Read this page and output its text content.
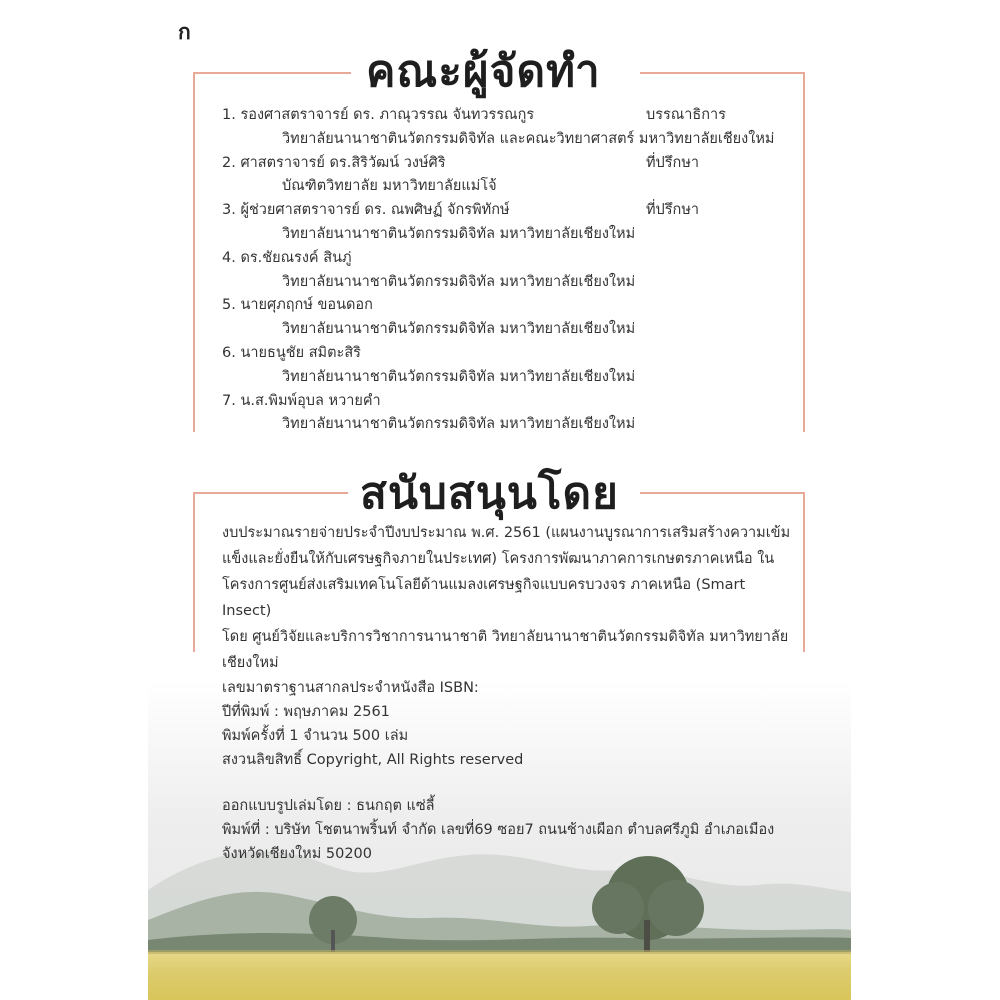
ก
คณะผู้จัดทำ
1. รองศาสตราจารย์ ดร. ภาณุวรรณ จันทวรรณกูร	บรรณาธิการ
วิทยาลัยนานาชาตินวัตกรรมดิจิทัล และคณะวิทยาศาสตร์ มหาวิทยาลัยเชียงใหม่
2. ศาสตราจารย์ ดร.สิริวัฒน์ วงษ์ศิริ	ที่ปรึกษา
บัณฑิตวิทยาลัย มหาวิทยาลัยแม่โจ้
3. ผู้ช่วยศาสตราจารย์ ดร. ณพศิษฏ์ จักรพิทักษ์	ที่ปรึกษา
วิทยาลัยนานาชาตินวัตกรรมดิจิทัล มหาวิทยาลัยเชียงใหม่
4. ดร.ชัยณรงค์ สินภู่
วิทยาลัยนานาชาตินวัตกรรมดิจิทัล มหาวิทยาลัยเชียงใหม่
5. นายศุภฤกษ์ ขอนดอก
วิทยาลัยนานาชาตินวัตกรรมดิจิทัล มหาวิทยาลัยเชียงใหม่
6. นายธนูชัย สมิตะสิริ
วิทยาลัยนานาชาตินวัตกรรมดิจิทัล มหาวิทยาลัยเชียงใหม่
7. น.ส.พิมพ์อุบล หวายคำ
วิทยาลัยนานาชาตินวัตกรรมดิจิทัล มหาวิทยาลัยเชียงใหม่
สนับสนุนโดย

งบประมาณรายจ่ายประจำปีงบประมาณ พ.ศ. 2561 (แผนงานบูรณาการเสริมสร้างความเข้ม

แข็งและยั่งยืนให้กับเศรษฐกิจภายในประเทศ) โครงการพัฒนาภาคการเกษตรภาคเหนือ ใน

โครงการศูนย์ส่งเสริมเทคโนโลยีด้านแมลงเศรษฐกิจแบบครบวงจร ภาคเหนือ (Smart Insect)

โดย ศูนย์วิจัยและบริการวิชาการนานาชาติ วิทยาลัยนานาชาตินวัตกรรมดิจิทัล มหาวิทยาลัย

เชียงใหม่

เลขมาตราฐานสากลประจำหนังสือ ISBN:
ปีที่พิมพ์ : พฤษภาคม 2561
พิมพ์ครั้งที่ 1 จำนวน 500 เล่ม
สงวนลิขสิทธิ์ Copyright, All Rights reserved
ออกแบบรูปเล่มโดย : ธนกฤต แซ่ลี้
พิมพ์ที่ : บริษัท โชตนาพริ้นท์ จำกัด เลขที่69 ซอย7 ถนนช้างเผือก ตำบลศรีภูมิ อำเภอเมือง
จังหวัดเชียงใหม่ 50200
